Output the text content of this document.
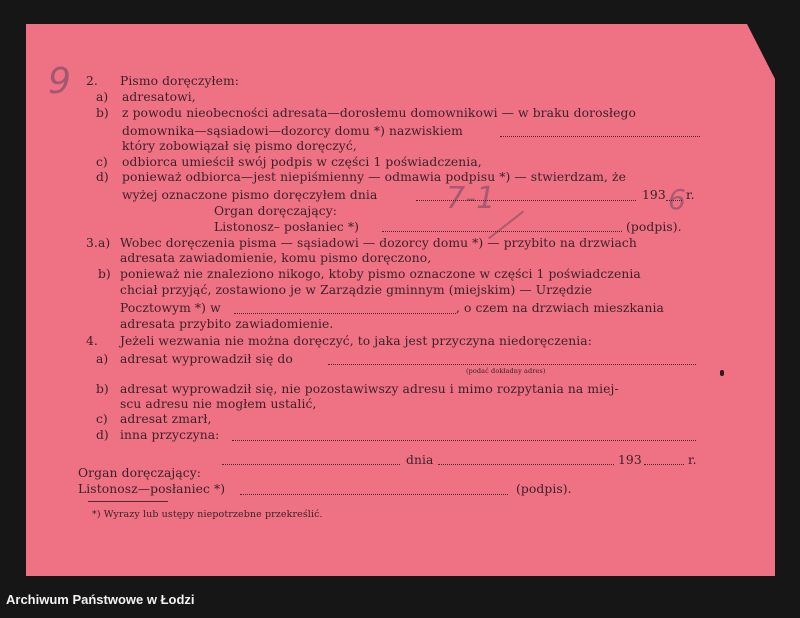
9
7-1	6
2. Pismo doręczyłem:
a) adresatowi,
b) z powodu nieobecności adresata—dorosłemu domownikowi — w braku dorosłego
domownika—sąsiadowi—dozorcy domu *) nazwiskiem
który zobowiązał się pismo doręczyć,
c) odbiorca umieścił swój podpis w części 1 poświadczenia,
d) ponieważ odbiorca—jest niepiśmienny — odmawia podpisu *) — stwierdzam, że
wyżej oznaczone pismo doręczyłem dnia	193 r.
Organ doręczający:
Listonosz– posłaniec *)	(podpis).
3. a) Wobec doręczenia pisma — sąsiadowi — dozorcy domu *) — przybito na drzwiach
adresata zawiadomienie, komu pismo doręczono,
b) ponieważ nie znaleziono nikogo, ktoby pismo oznaczone w części 1 poświadczenia
chciał przyjąć, zostawiono je w Zarządzie gminnym (miejskim) — Urzędzie
Pocztowym *) w	, o czem na drzwiach mieszkania
adresata przybito zawiadomienie.
4. Jeżeli wezwania nie można doręczyć, to jaka jest przyczyna niedoręczenia:
a) adresat wyprowadził się do
(podać dokładny adres)
b) adresat wyprowadził się, nie pozostawiwszy adresu i mimo rozpytania na miej-
scu adresu nie mogłem ustalić,
c) adresat zmarł,
d) inna przyczyna:
dnia	193	r.
Organ doręczający:
Listonosz—posłaniec *)	(podpis).
*) Wyrazy lub ustępy niepotrzebne przekreślić.
Archiwum Państwowe w Łodzi
